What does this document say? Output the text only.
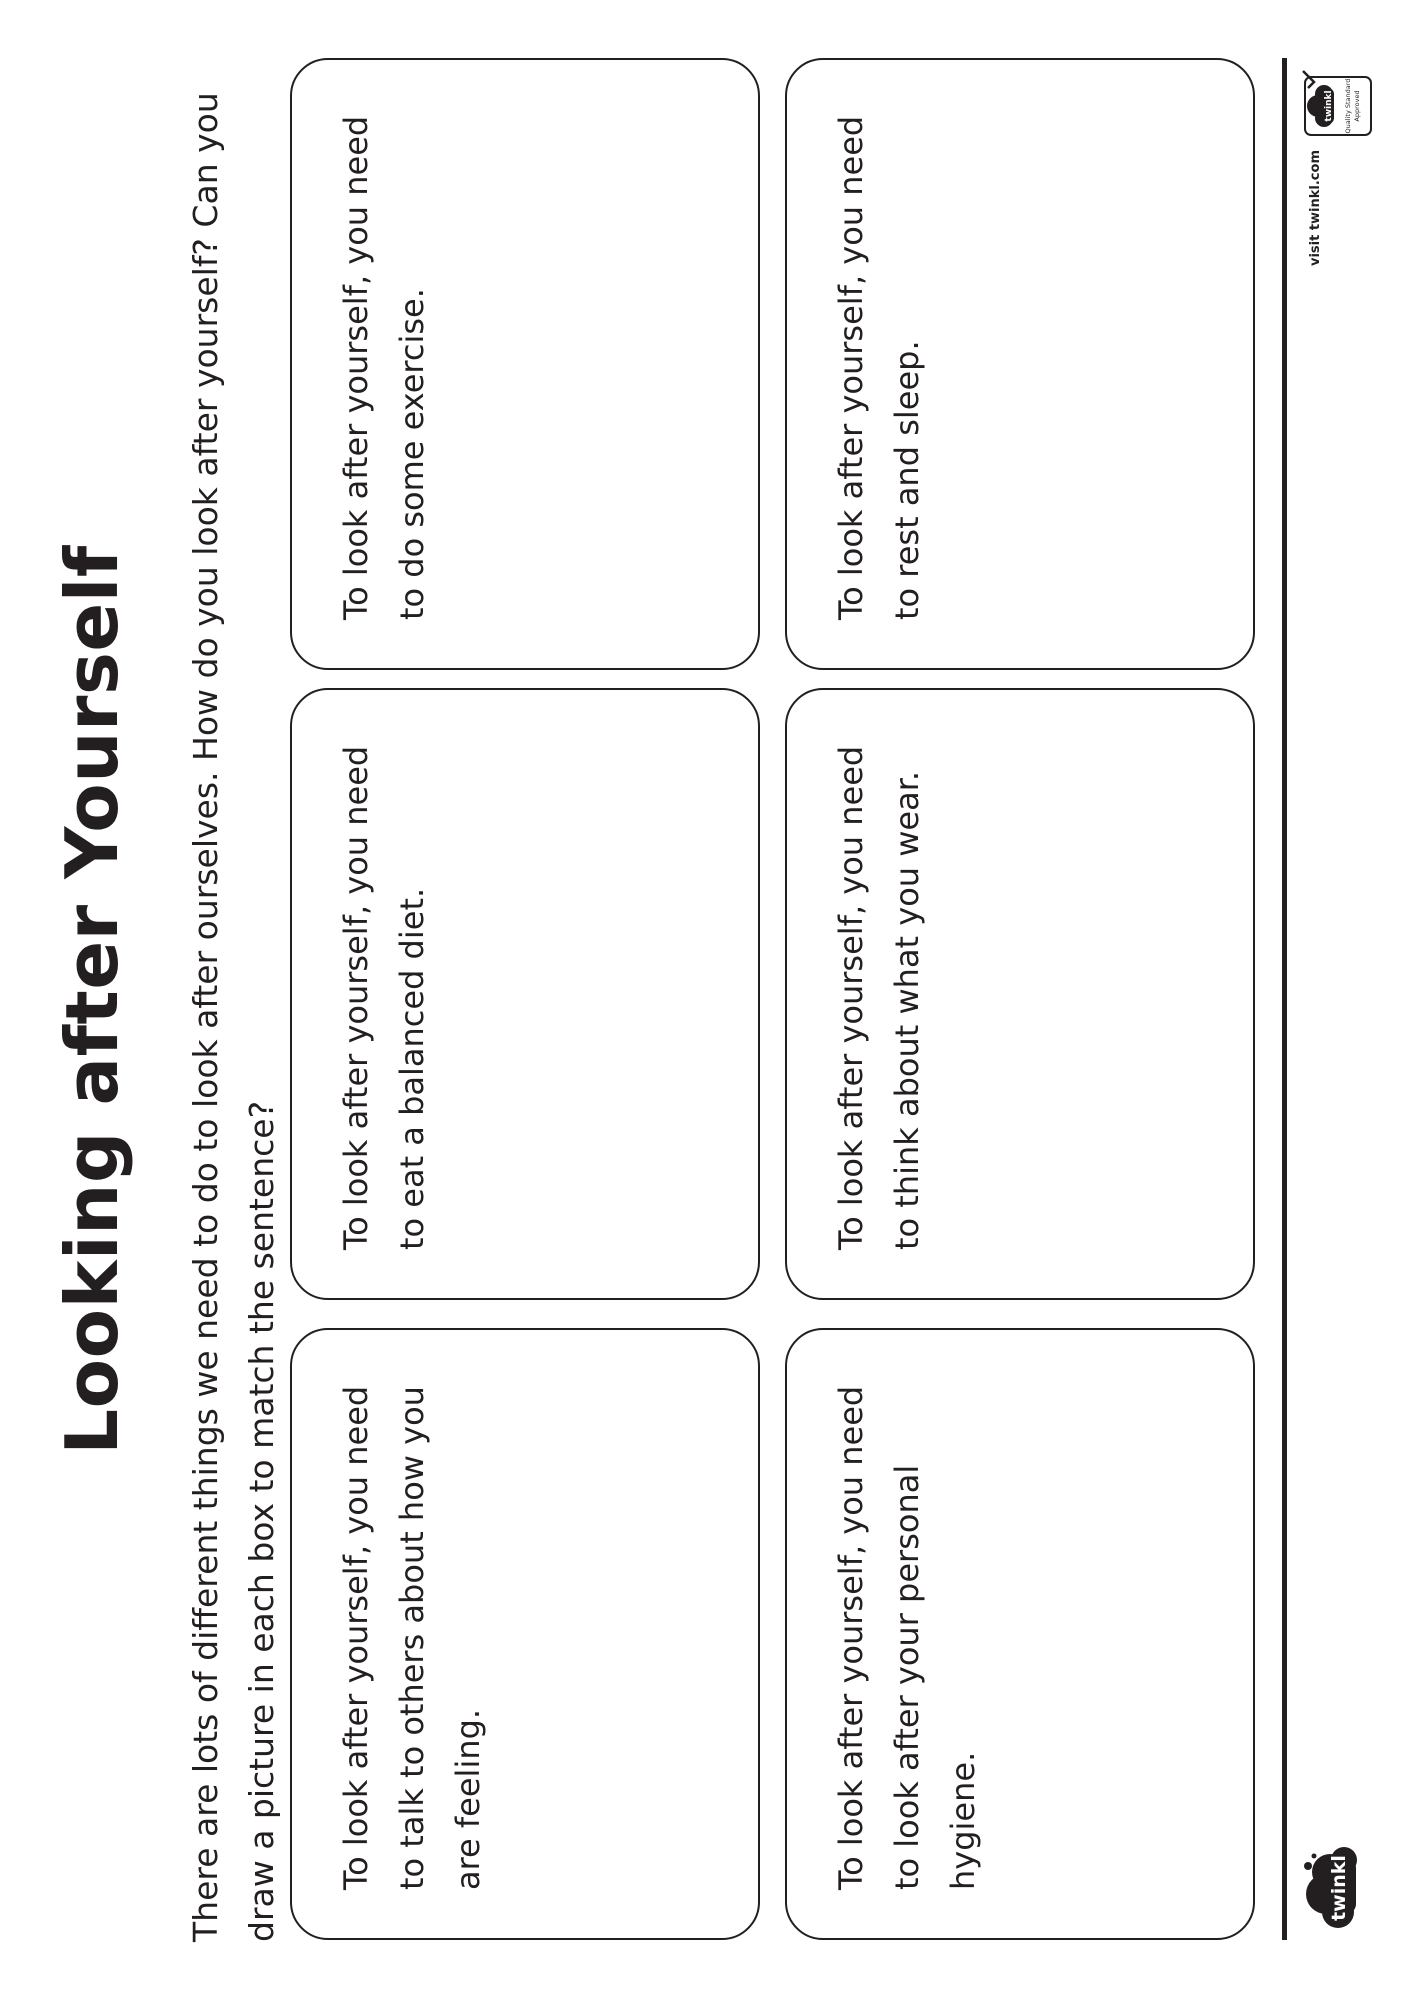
Looking after Yourself There are lots of different things we need to do to look after ourselves. How do you look after yourself? Can you draw a picture in each box to match the sentence? To look after yourself, you need to talk to others about how you are feeling.

To look after yourself, you need to eat a balanced diet.

To look after yourself, you need to do some exercise.

To look after yourself, you need to look after your personal hygiene.

To look after yourself, you need to think about what you wear.

To look after yourself, you need to rest and sleep.

twinkl
visit twinkl.com
twinkl Quality Standard Approved
